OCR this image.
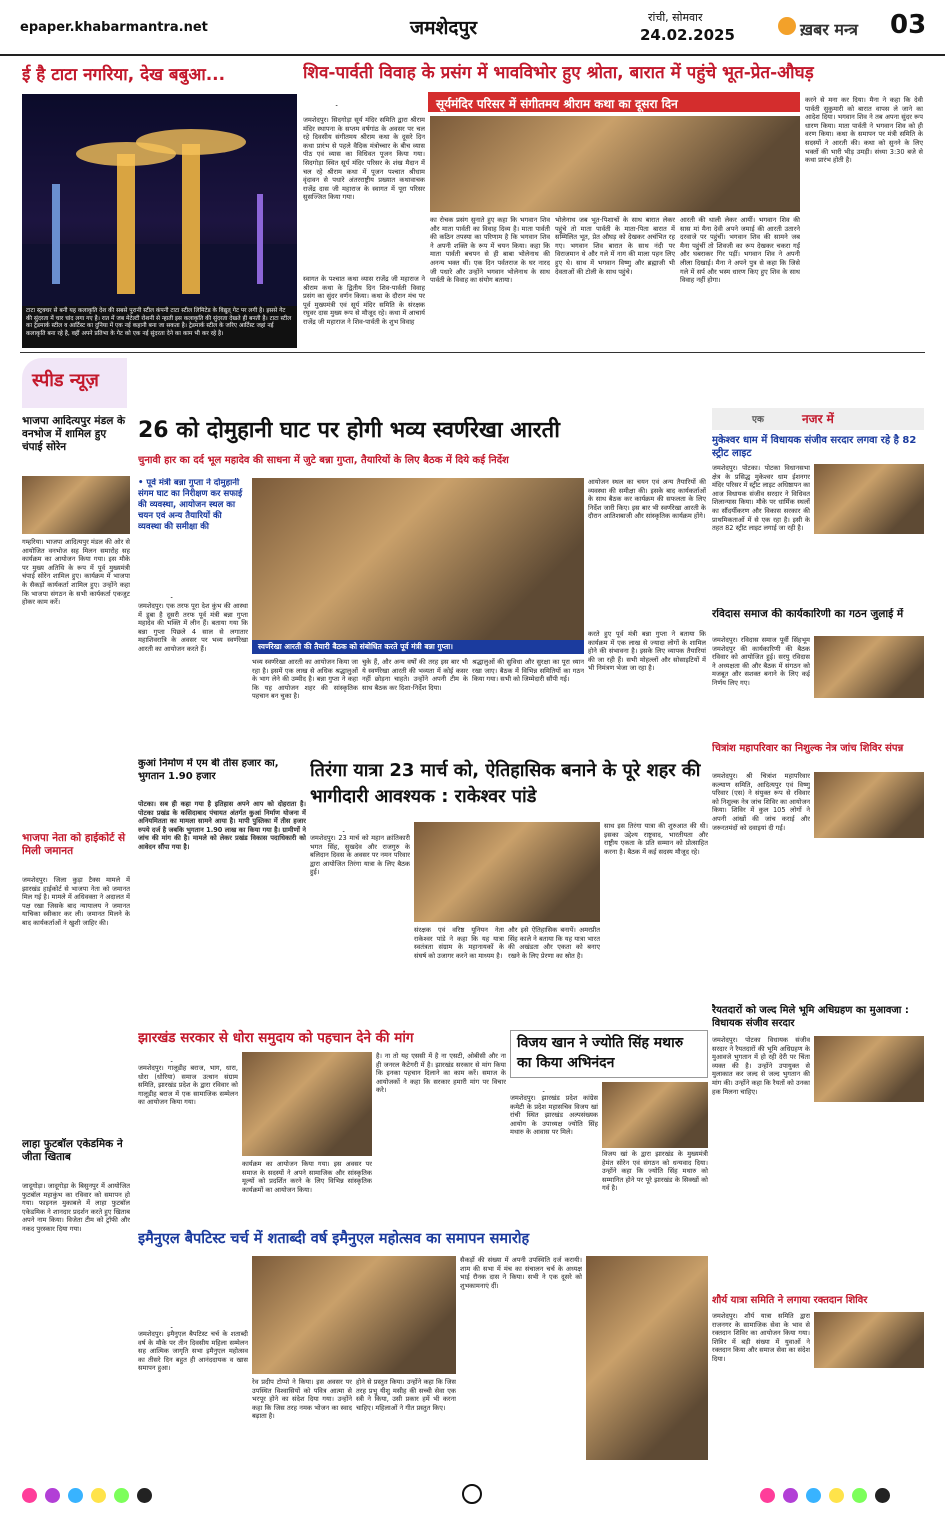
epaper.khabarmantra.net	जमशेदपुर	रांची, सोमवार
24.02.2025	ख़बर मन्त्र 03
ई है टाटा नगरिया, देख बबुआ...
टाटा स्ट्रक्चर से बनी यह कलाकृति देश की सबसे पुरानी स्टील कंपनी टाटा स्टील लिमिटेड के विद्युत् गेट पर लगी है। इससे गेट की सुंदरता में चार चांद लगा गए है। रात में जब मेटेल्टी रोशनी से न्हाती इस कलाकृति की सुंदरता देखते ही बनती है। टाटा स्टील का ट्रेडमार्क स्टील व आर्टिस्ट का दुनिया में एक नई कहानी बना जा सकता है। ट्रेडमार्क स्टील के जरिए आर्टिस्ट जहां नई कलाकृति बना रहे है, वहीं अपने प्रतिभा के गेट को एक नई सुंदरता देने का काम भी कर रहे है।
शिव-पार्वती विवाह के प्रसंग में भावविभोर हुए श्रोता, बारात में पहुंचे भूत-प्रेत-औघड़
सूर्यमंदिर परिसर में संगीतमय श्रीराम कथा का दूसरा दिन
जमशेदपुर। सिदगोड़ा सूर्य मंदिर समिति द्वारा श्रीराम मंदिर स्थापना के सप्तम वर्षगांठ के अवसर पर चल रहे दिवसीय संगीतमय श्रीराम कथा के दूसरे दिन कथा प्रारंभ से पहले वैदिक मंत्रोच्चार के बीच व्यास पीठ एवं व्यास का विधिवत पूजन किया गया। सिदगोड़ा स्थित सूर्य मंदिर परिसर के शंख मैदान में चल रहे श्रीराम कथा में पूजन पश्चात श्रीधाम वृंदावन से पधारे अंतरराष्ट्रीय प्रख्यात कथावाचक राजेंद्र दास जी महाराज के स्वागत में पूरा परिसर सुसज्जित किया गया।
स्वागत के पश्चात कथा व्यास राजेंद्र जी महाराज ने श्रीराम कथा के द्वितीय दिन शिव-पार्वती विवाह प्रसंग का सुंदर वर्णन किया। कथा के दौरान मंच पर पूर्व मुख्यमंत्री एवं सूर्य मंदिर समिति के संरक्षक रघुवर दास मुख्य रूप से मौजूद रहे। कथा में आचार्य राजेंद्र जी महाराज ने शिव-पार्वती के शुभ विवाह
का रोचक प्रसंग सुनाते हुए कहा कि भगवान शिव और माता पार्वती का विवाह दिव्य है। माता पार्वती की कठिन तपस्या का परिणाम है कि भगवान शिव ने अपनी शक्ति के रूप में चयन किया। कहा कि माता पार्वती बचपन से ही बाबा भोलेनाथ की अनन्य भक्त थीं। एक दिन पर्वतराज के घर नारद जी पधारे और उन्होंने भगवान भोलेनाथ के साथ पार्वती के विवाह का संयोग बताया।
भोलेनाथ जब भूत-पिशाचों के साथ बारात लेकर पहुंचे तो माता पार्वती के माता-पिता बारात में सम्मिलित भूत, प्रेत औघड़ को देखकर अचंभित रह गए। भगवान शिव बारात के साथ नंदी पर विराजमान थे और गले में नाग की माला पहन लिए हुए थे। साथ में भगवान विष्णु और ब्रह्माजी भी देवताओं की टोली के साथ पहुंचे।
आरती की थाली लेकर आयीं। भगवान शिव की सास मां मैना देवी अपने जमाई की आरती उतारने दरवाजे पर पहुंचीं। भगवान शिव की सामने जब मैना पहुंचीं तो शिवजी का रूप देखकर चकरा गईं और घबराकर गिर पड़ीं। भगवान शिव ने अपनी लीला दिखाई। मैना ने अपने पुत्र से कहा कि जिसे गले में सर्प और भस्म धारण किए हुए शिव के साथ विवाह नहीं होगा।
करने से मना कर दिया। मैना ने कहा कि देवी पार्वती सुकुमारी को बारात वापस ले जाने का आदेश दिया। भगवान शिव ने तब अपना सुंदर रूप धारण किया। माता पार्वती ने भगवान शिव को ही वरण किया। कथा के समापन पर मंत्री समिति के सदस्यों ने आरती की। कथा को सुनने के लिए भक्तों की भारी भीड़ उमड़ी। संध्या 3:30 बजे से कथा प्रारंभ होती है।
स्पीड न्यूज़
भाजपा आदित्यपुर मंडल के वनभोज में शामिल हुए चंपाई सोरेन
गम्हरिया। भाजपा आदित्यपुर मंडल की ओर से आयोजित वनभोज सह मिलन समारोह सह कार्यक्रम का आयोजन किया गया। इस मौके पर मुख्य अतिथि के रूप में पूर्व मुख्यमंत्री चंपाई सोरेन शामिल हुए। कार्यक्रम में भाजपा के सैकड़ों कार्यकर्ता शामिल हुए। उन्होंने कहा कि भाजपा संगठन के सभी कार्यकर्ता एकजुट होकर काम करें।
भाजपा नेता को हाईकोर्ट से मिली जमानत
जमशेदपुर। जिला कुड़ा टैक्स मामले में झारखंड हाईकोर्ट से भाजपा नेता को जमानत मिल गई है। मामले में अधिवक्ता ने अदालत में पक्ष रखा जिसके बाद न्यायालय ने जमानत याचिका स्वीकार कर ली। जमानत मिलने के बाद कार्यकर्ताओं ने खुशी जाहिर की।
लाहा फुटबॉल एकेडमिक ने जीता खिताब
जादूगोड़ा। जादूगोड़ा के बिसुनपुर में आयोजित फुटबॉल महाकुंभ का रविवार को समापन हो गया। फाइनल मुकाबले में लाहा फुटबॉल एकेडमिक ने शानदार प्रदर्शन करते हुए खिताब अपने नाम किया। विजेता टीम को ट्रॉफी और नकद पुरस्कार दिया गया।
26 को दोमुहानी घाट पर होगी भव्य स्वर्णरेखा आरती
चुनावी हार का दर्द भूल महादेव की साधना में जुटे बन्ना गुप्ता, तैयारियों के लिए बैठक में दिये कई निर्देश
• पूर्व मंत्री बन्ना गुप्ता ने दोमुहानी संगम घाट का निरीक्षण कर सफाई की व्यवस्था, आयोजन स्थल का चयन एवं अन्य तैयारियों की व्यवस्था की समीक्षा की
स्वर्णरेखा आरती की तैयारी बैठक को संबोधित करते पूर्व मंत्री बन्ना गुप्ता।
जमशेदपुर। एक तरफ पूरा देश कुंभ की आस्था में डूबा है दूसरी तरफ पूर्व मंत्री बन्ना गुप्ता महादेव की भक्ति में लीन हैं। बताया गया कि बन्ना गुप्ता पिछले 4 साल से लगातार महाशिवरात्रि के अवसर पर भव्य स्वर्णरेखा आरती का आयोजन करते हैं।
भव्य स्वर्णरेखा आरती का आयोजन किया जा रहा है। इसमें एक लाख से अधिक श्रद्धालुओं के भाग लेने की उम्मीद है। बन्ना गुप्ता ने कहा कि यह आयोजन शहर की सांस्कृतिक पहचान बन चुका है।
चुके हैं, और अन्य वर्षों की तरह इस बार भी ये स्वर्णरेखा आरती की भव्यता में कोई कसर नहीं छोड़ना चाहते। उन्होंने अपनी टीम के साथ बैठक कर दिशा-निर्देश दिया।
श्रद्धालुओं की सुविधा और सुरक्षा का पूरा ध्यान रखा जाए। बैठक में विभिन्न समितियों का गठन किया गया। सभी को जिम्मेदारी सौंपी गई।
आयोजन स्थल का चयन एवं अन्य तैयारियों की व्यवस्था की समीक्षा की। इसके बाद कार्यकर्ताओं के साथ बैठक कर कार्यक्रम की सफलता के लिए निर्देश जारी किए। इस बार भी स्वर्णरेखा आरती के दौरान आतिशबाजी और सांस्कृतिक कार्यक्रम होंगे।
करते हुए पूर्व मंत्री बन्ना गुप्ता ने बताया कि कार्यक्रम में एक लाख से ज्यादा लोगों के शामिल होने की संभावना है। इसके लिए व्यापक तैयारियां की जा रही हैं। सभी मोहल्लों और सोसाइटियों में भी निमंत्रण भेजा जा रहा है।
कुआं निर्माण में एम बी तीस हजार का, भुगतान 1.90 हजार
पोटका। सब ही कहा गया है इतिहास अपने आप को दोहराता है। पोटका प्रखंड के कसिदाबाद पंचायत अंतर्गत कुआं निर्माण योजना में अनियमितता का मामला सामने आया है। मापी पुस्तिका में तीस हजार रुपये दर्ज है जबकि भुगतान 1.90 लाख का किया गया है। ग्रामीणों ने जांच की मांग की है। मामले को लेकर प्रखंड विकास पदाधिकारी को आवेदन सौंपा गया है।
तिरंगा यात्रा 23 मार्च को, ऐतिहासिक बनाने के पूरे शहर की भागीदारी आवश्यक : राकेश्वर पांडे
जमशेदपुर। 23 मार्च को महान क्रांतिकारी भगत सिंह, सुखदेव और राजगुरु के बलिदान दिवस के अवसर पर नमन परिवार द्वारा आयोजित तिरंगा यात्रा के लिए बैठक हुई।
संरक्षक एवं वरिष्ठ यूनियन नेता राकेश्वर पांडे ने कहा कि यह यात्रा स्वतंत्रता संग्राम के महानायकों के संघर्ष को उजागर करने का माध्यम है।
और इसे ऐतिहासिक बनायें। अमरप्रीत सिंह काले ने बताया कि यह यात्रा भारत की अखंडता और एकता को बनाए रखने के लिए प्रेरणा का स्रोत है।
साथ इस तिरंगा यात्रा की शुरुआत की थी। इसका उद्देश्य राष्ट्रवाद, भारतीयता और राष्ट्रीय एकता के प्रति सम्मान को प्रोत्साहित करना है। बैठक में कई सदस्य मौजूद रहे।
झारखंड सरकार से धोरा समुदाय को पहचान देने की मांग
जमशेदपुर। गालूडीह बराज, भाग, धारा, धोरा (धोरिया) समाज उत्थान संग्राम समिति, झारखंड प्रदेश के द्वारा रविवार को गालूडीह बराज में एक सामाजिक सम्मेलन का आयोजन किया गया।
कार्यक्रम का आयोजन किया गया। इस अवसर पर समाज के सदस्यों ने अपने सामाजिक और सांस्कृतिक मूल्यों को प्रदर्शित करने के लिए विभिन्न सांस्कृतिक कार्यक्रमों का आयोजन किया।
है। ना तो यह एससी में है ना एसटी, ओबीसी और ना ही जनरल कैटेगरी में है। झारखंड सरकार से मांग किया कि इनका पहचान दिलाने का काम करें। समाज के आयोजकों ने कहा कि सरकार हमारी मांग पर विचार करे।
विजय खान ने ज्योति सिंह मथारु का किया अभिनंदन
जमशेदपुर। झारखंड प्रदेश कांग्रेस कमेटी के प्रदेश महासचिव विजय खां रांची स्थित झारखंड अल्पसंख्यक आयोग के उपाध्यक्ष ज्योति सिंह मथारु के आवास पर मिले।
विजय खां के द्वारा झारखंड के मुख्यमंत्री हेमंत सोरेन एवं संगठन को धन्यवाद दिया। उन्होंने कहा कि ज्योति सिंह मथारु को सम्मानित होने पर पूरे झारखंड के सिक्खों को गर्व है।
इमैनुएल बैपटिस्ट चर्च में शताब्दी वर्ष इमैनुएल महोत्सव का समापन समारोह
जमशेदपुर। इमैनुएल बैपटिस्ट चर्च के शताब्दी वर्ष के मौके पर तीन दिवसीय महिला सम्मेलन सह आत्मिक जागृति सभा इमैनुएल महोत्सव का तीसरे दिन बहुत ही आनंददायक व खास समापन हुआ।
रेव प्रदीप टोप्पो ने किया। इस अवसर पर उपस्थित विश्वासियों को पवित्र आत्मा से भरपूर होने का संदेश दिया गया। उन्होंने कहा कि जिस तरह नमक भोजन का स्वाद बढ़ाता है।
होने से प्रस्तुत किया। उन्होंने कहा कि जिस तरह प्रभु यीशु मसीह की सच्ची सेवा एक स्त्री ने किया, उसी प्रकार हमें भी करना चाहिए। महिलाओं ने गीत प्रस्तुत किए।
सैकड़ों की संख्या में अपनी उपस्थिति दर्ज करायी। शाम की सभा में मंच का संचालन चर्च के अध्यक्ष भाई रौनक दास ने किया। सभी ने एक दूसरे को शुभकामनाएं दीं।
एक	नजर में
मुकेश्वर धाम में विधायक संजीव सरदार लगवा रहे है 82 स्ट्रीट लाइट
जमशेदपुर। पोटका। पोटका विधानसभा क्षेत्र के प्रसिद्ध मुकेश्वर धाम ईशनगर मंदिर परिसर में स्ट्रीट लाइट अधिष्ठापन का आज विधायक संजीव सरदार ने विधिवत शिलान्यास किया। मौके पर धार्मिक स्थलों का सौंदर्यीकरण और विकास सरकार की प्राथमिकताओं में से एक रहा है। इसी के तहत 82 स्ट्रीट लाइट लगाई जा रही है।
रविदास समाज की कार्यकारिणी का गठन जुलाई में
जमशेदपुर। रविदास समाज पूर्वी सिंहभूम जमशेदपुर की कार्यकारिणी की बैठक रविवार को आयोजित हुई। सरयु रविदास ने अध्यक्षता की और बैठक में संगठन को मजबूत और सशक्त बनाने के लिए कई निर्णय लिए गए।
चित्रांश महापरिवार का निशुल्क नेत्र जांच शिविर संपन्न
जमशेदपुर। श्री चित्रांश महापरिवार कल्याण समिति, आदित्यपुर एवं विष्णु परिवार (एस) ने संयुक्त रूप से रविवार को निशुल्क नेत्र जांच शिविर का आयोजन किया। शिविर में कुल 105 लोगों ने अपनी आंखों की जांच कराई और जरूरतमंदों को दवाइयां दी गईं।
रैयतदारों को जल्द मिले भूमि अधिग्रहण का मुआवजा : विधायक संजीव सरदार
जमशेदपुर। पोटका विधायक संजीव सरदार ने रैयतदारों की भूमि अधिग्रहण के मुआवजे भुगतान में हो रही देरी पर चिंता व्यक्त की है। उन्होंने उपायुक्त से मुलाकात कर जल्द से जल्द भुगतान की मांग की। उन्होंने कहा कि रैयतों को उनका हक मिलना चाहिए।
शौर्य यात्रा समिति ने लगाया रक्तदान शिविर
जमशेदपुर। शौर्य यात्रा समिति द्वारा राजनगर के सामाजिक सेवा के भाव से रक्तदान शिविर का आयोजन किया गया। शिविर में बड़ी संख्या में युवाओं ने रक्तदान किया और समाज सेवा का संदेश दिया।
